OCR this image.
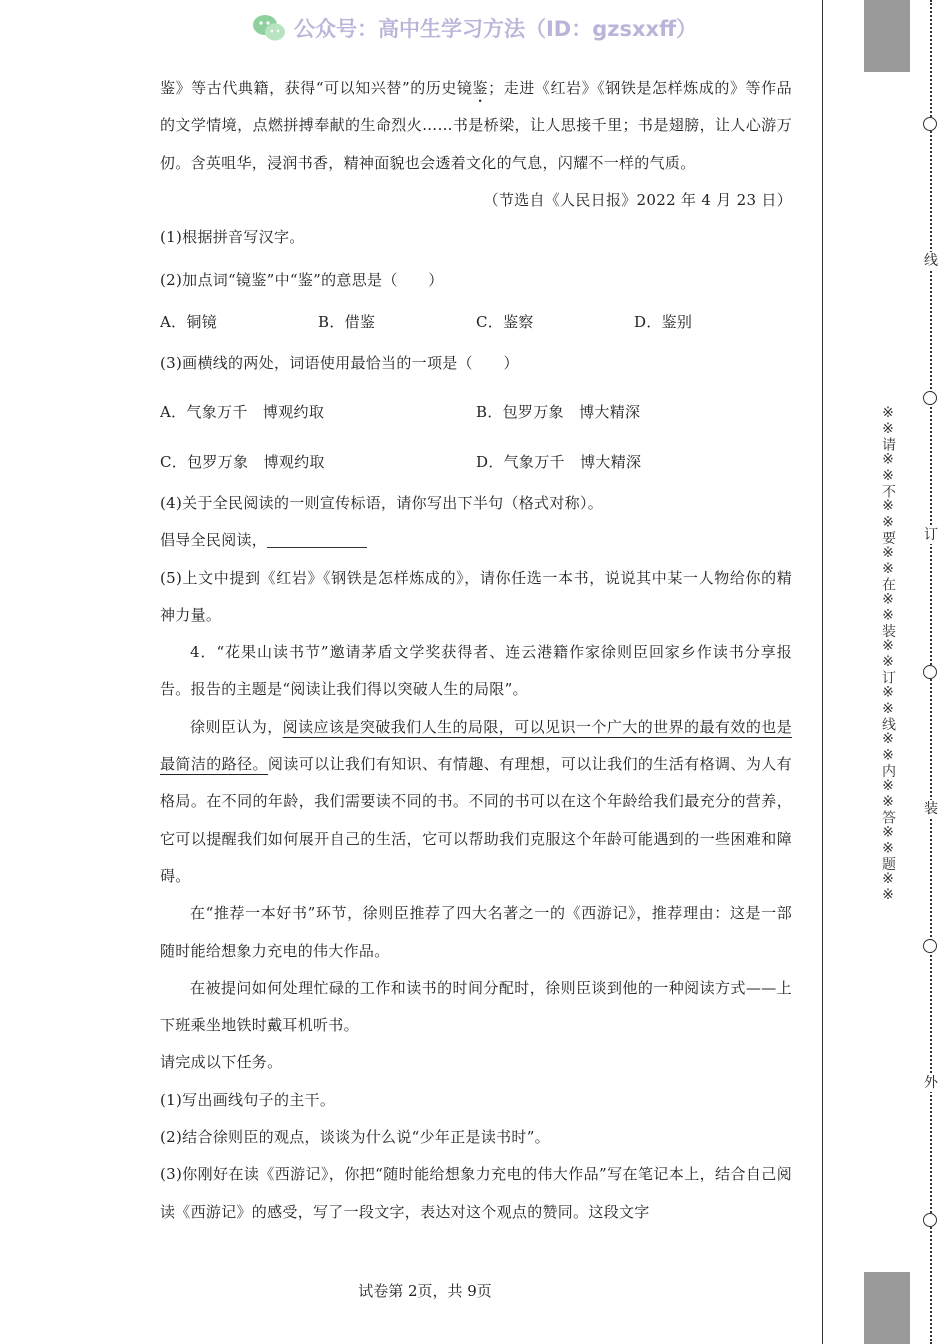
公众号：高中生学习方法（ID：gzsxxff）

鉴》等古代典籍，获得“可以知兴替”的历史镜鉴；走进《红岩》《钢铁是怎样炼成的》等作品的文学情境，点燃拼搏奉献的生命烈火……书是桥梁，让人思接千里；书是翅膀，让人心游万仞。含英咀华，浸润书香，精神面貌也会透着文化的气息，闪耀不一样的气质。

（节选自《人民日报》2022 年 4 月 23 日）

(1)根据拼音写汉字。

(2)加点词“镜鉴”中“鉴”的意思是（　　）

A．铜镜	B．借鉴	C．鉴察	D．鉴别

(3)画横线的两处，词语使用最恰当的一项是（　　）

A．气象万千　博观约取	B．包罗万象　博大精深
C．包罗万象　博观约取	D．气象万千　博大精深

(4)关于全民阅读的一则宣传标语，请你写出下半句（格式对称）。

倡导全民阅读，

(5)上文中提到《红岩》《钢铁是怎样炼成的》，请你任选一本书，说说其中某一人物给你的精神力量。

4．“花果山读书节”邀请茅盾文学奖获得者、连云港籍作家徐则臣回家乡作读书分享报告。报告的主题是“阅读让我们得以突破人生的局限”。

徐则臣认为，阅读应该是突破我们人生的局限，可以见识一个广大的世界的最有效的也是最简洁的路径。阅读可以让我们有知识、有情趣、有理想，可以让我们的生活有格调、为人有格局。在不同的年龄，我们需要读不同的书。不同的书可以在这个年龄给我们最充分的营养，它可以提醒我们如何展开自己的生活，它可以帮助我们克服这个年龄可能遇到的一些困难和障碍。

在“推荐一本好书”环节，徐则臣推荐了四大名著之一的《西游记》，推荐理由：这是一部随时能给想象力充电的伟大作品。

在被提问如何处理忙碌的工作和读书的时间分配时，徐则臣谈到他的一种阅读方式——上下班乘坐地铁时戴耳机听书。

请完成以下任务。

(1)写出画线句子的主干。

(2)结合徐则臣的观点，谈谈为什么说“少年正是读书时”。

(3)你刚好在读《西游记》，你把“随时能给想象力充电的伟大作品”写在笔记本上，结合自己阅读《西游记》的感受，写了一段文字，表达对这个观点的赞同。这段文字

试卷第 2页，共 9页
※※请※※不※※要※※在※※装※※订※※线※※内※※答※※题※※
线
订
装
外
